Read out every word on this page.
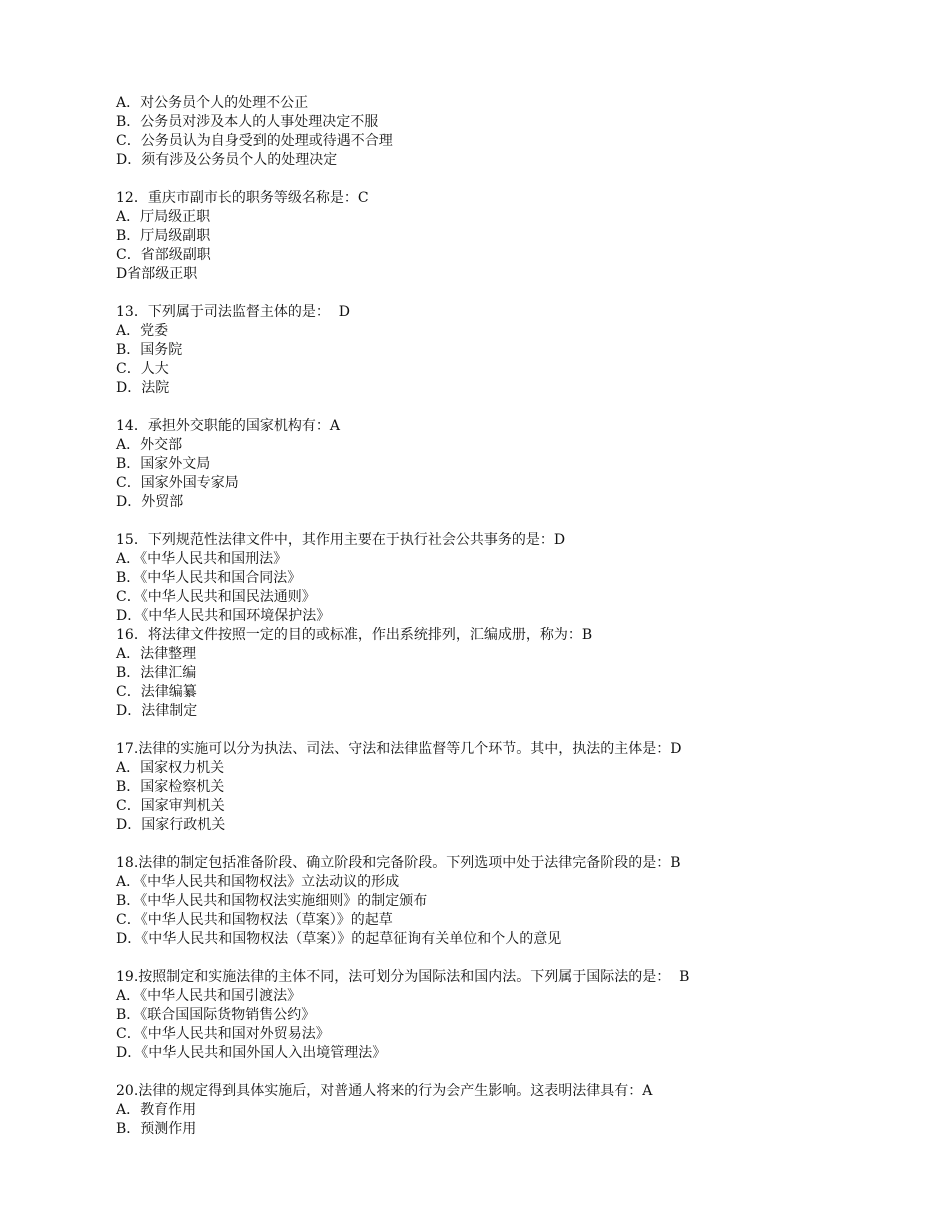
A．对公务员个人的处理不公正
B．公务员对涉及本人的人事处理决定不服
C．公务员认为自身受到的处理或待遇不合理
D．须有涉及公务员个人的处理决定
12．重庆市副市长的职务等级名称是：C
A．厅局级正职
B．厅局级副职
C．省部级副职
D省部级正职
13．下列属于司法监督主体的是：  D
A．党委
B．国务院
C．人大
D．法院
14．承担外交职能的国家机构有：A
A．外交部
B．国家外文局
C．国家外国专家局
D．外贸部
15．下列规范性法律文件中，其作用主要在于执行社会公共事务的是：D
A．《中华人民共和国刑法》
B．《中华人民共和国合同法》
C．《中华人民共和国民法通则》
D．《中华人民共和国环境保护法》
16．将法律文件按照一定的目的或标准，作出系统排列，汇编成册，称为：B
A．法律整理
B．法律汇编
C．法律编纂
D．法律制定
17.法律的实施可以分为执法、司法、守法和法律监督等几个环节。其中，执法的主体是：D
A．国家权力机关
B．国家检察机关
C．国家审判机关
D．国家行政机关
18.法律的制定包括准备阶段、确立阶段和完备阶段。下列选项中处于法律完备阶段的是：B
A．《中华人民共和国物权法》立法动议的形成
B．《中华人民共和国物权法实施细则》的制定颁布
C．《中华人民共和国物权法（草案）》的起草
D．《中华人民共和国物权法（草案）》的起草征询有关单位和个人的意见
19.按照制定和实施法律的主体不同，法可划分为国际法和国内法。下列属于国际法的是：  B
A．《中华人民共和国引渡法》
B．《联合国国际货物销售公约》
C．《中华人民共和国对外贸易法》
D．《中华人民共和国外国人入出境管理法》
20.法律的规定得到具体实施后，对普通人将来的行为会产生影响。这表明法律具有：A
A．教育作用
B．预测作用
